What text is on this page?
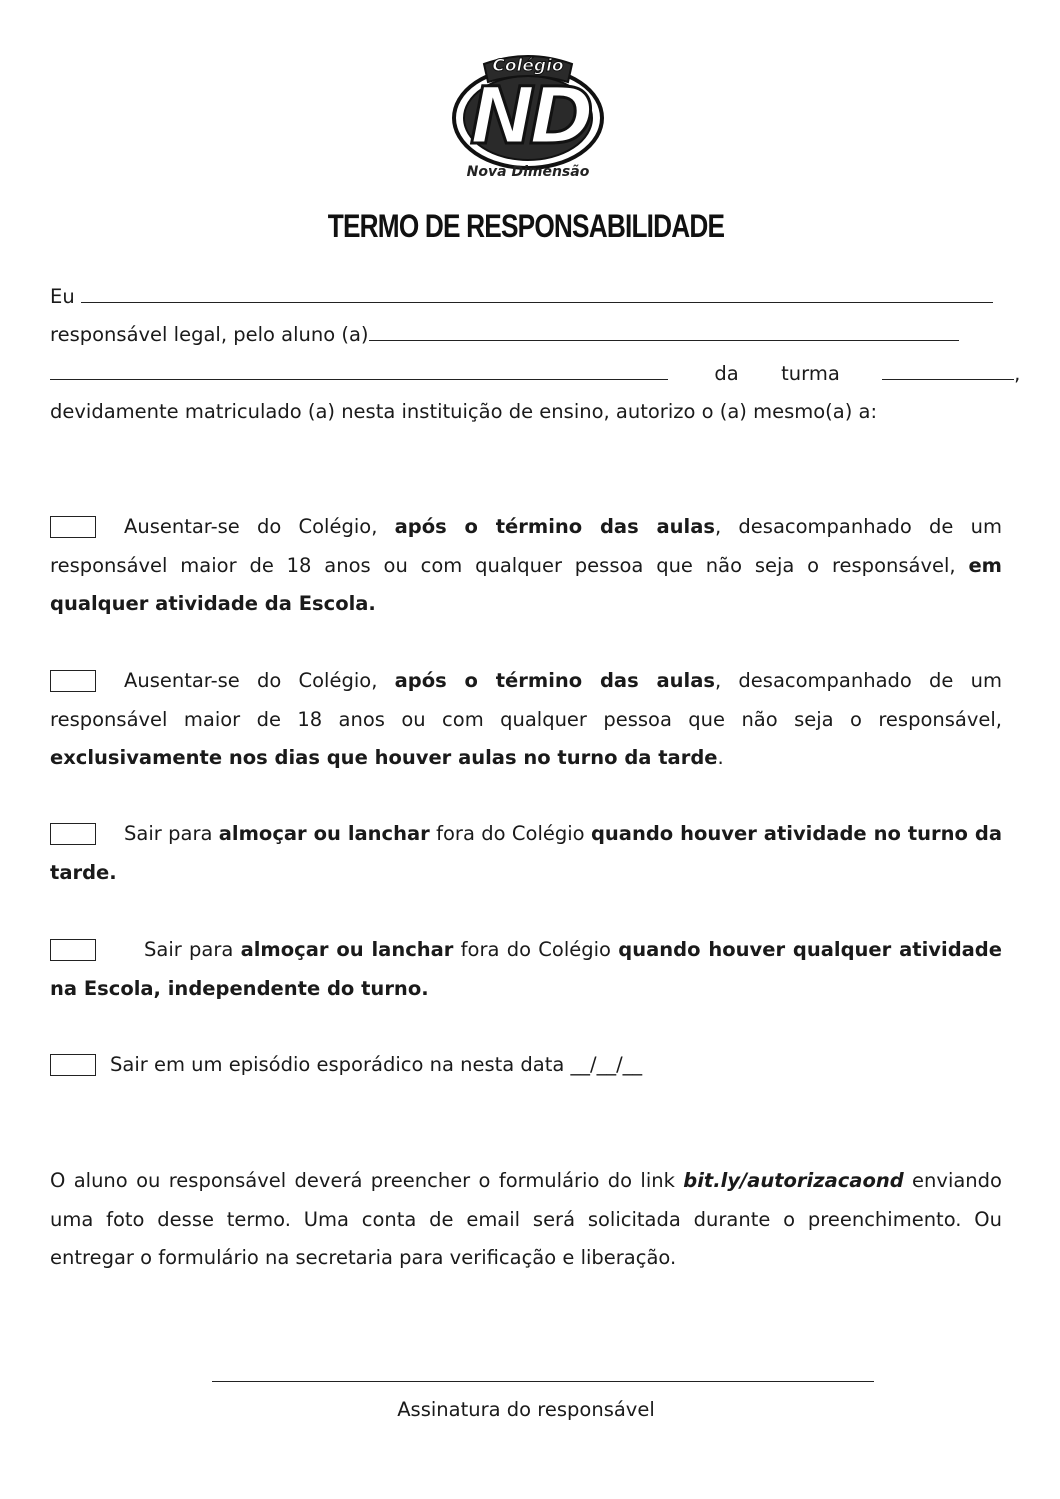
Colégio
ND
Nova Dimensão
TERMO DE RESPONSABILIDADE
Eu
responsável legal, pelo aluno (a)
da turma	,
devidamente matriculado (a) nesta instituição de ensino, autorizo o (a) mesmo(a) a:
Ausentar-se do Colégio, após o término das aulas, desacompanhado de um responsável maior de 18 anos ou com qualquer pessoa que não seja o responsável, em qualquer atividade da Escola.
Ausentar-se do Colégio, após o término das aulas, desacompanhado de um responsável maior de 18 anos ou com qualquer pessoa que não seja o responsável, exclusivamente nos dias que houver aulas no turno da tarde.
Sair para almoçar ou lanchar fora do Colégio quando houver atividade no turno da tarde.
Sair para almoçar ou lanchar fora do Colégio quando houver qualquer atividade na Escola, independente do turno.
Sair em um episódio esporádico na nesta data __/__/__
O aluno ou responsável deverá preencher o formulário do link bit.ly/autorizacaond enviando uma foto desse termo. Uma conta de email será solicitada durante o preenchimento. Ou entregar o formulário na secretaria para verificação e liberação.
Assinatura do responsável
